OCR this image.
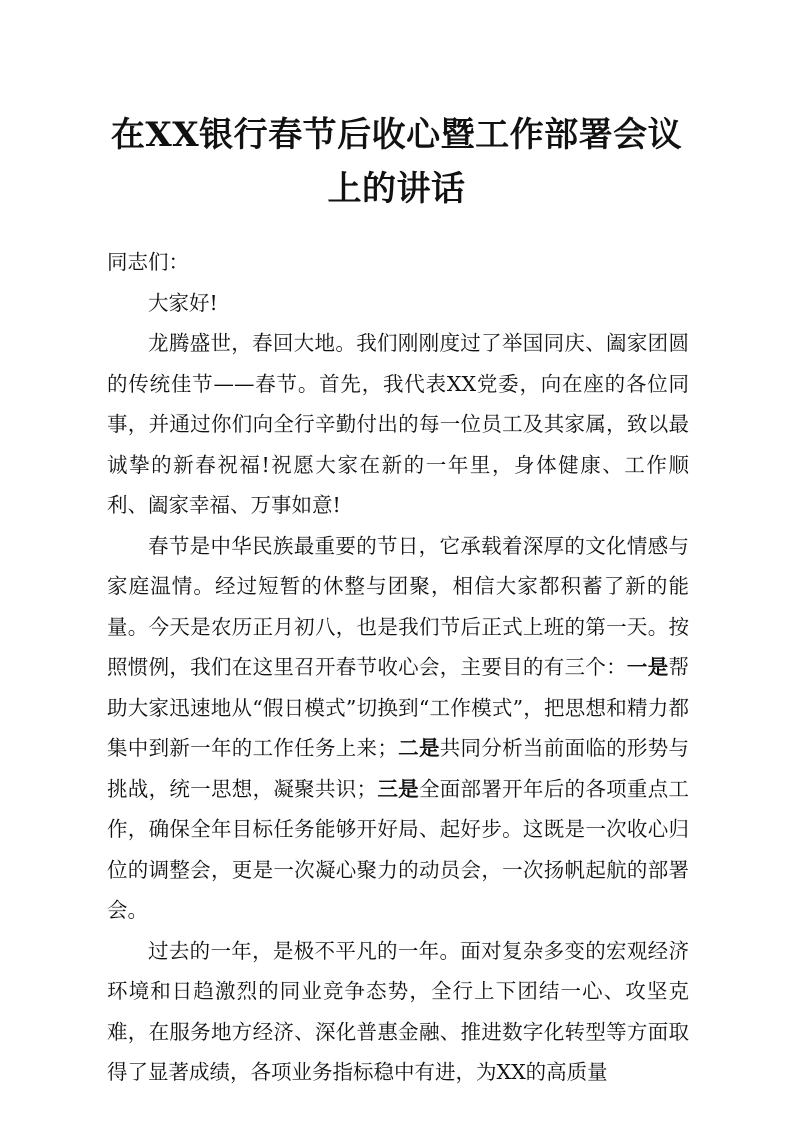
在XX银行春节后收心暨工作部署会议上的讲话

同志们：

大家好!

龙腾盛世，春回大地。我们刚刚度过了举国同庆、阖家团圆的传统佳节——春节。首先，我代表XX党委，向在座的各位同事，并通过你们向全行辛勤付出的每一位员工及其家属，致以最诚挚的新春祝福!祝愿大家在新的一年里，身体健康、工作顺利、阖家幸福、万事如意!

春节是中华民族最重要的节日，它承载着深厚的文化情感与家庭温情。经过短暂的休整与团聚，相信大家都积蓄了新的能量。今天是农历正月初八，也是我们节后正式上班的第一天。按照惯例，我们在这里召开春节收心会，主要目的有三个：一是帮助大家迅速地从“假日模式”切换到“工作模式”，把思想和精力都集中到新一年的工作任务上来；二是共同分析当前面临的形势与挑战，统一思想，凝聚共识；三是全面部署开年后的各项重点工作，确保全年目标任务能够开好局、起好步。这既是一次收心归位的调整会，更是一次凝心聚力的动员会，一次扬帆起航的部署会。

过去的一年，是极不平凡的一年。面对复杂多变的宏观经济环境和日趋激烈的同业竞争态势，全行上下团结一心、攻坚克难，在服务地方经济、深化普惠金融、推进数字化转型等方面取得了显著成绩，各项业务指标稳中有进，为XX的高质量
